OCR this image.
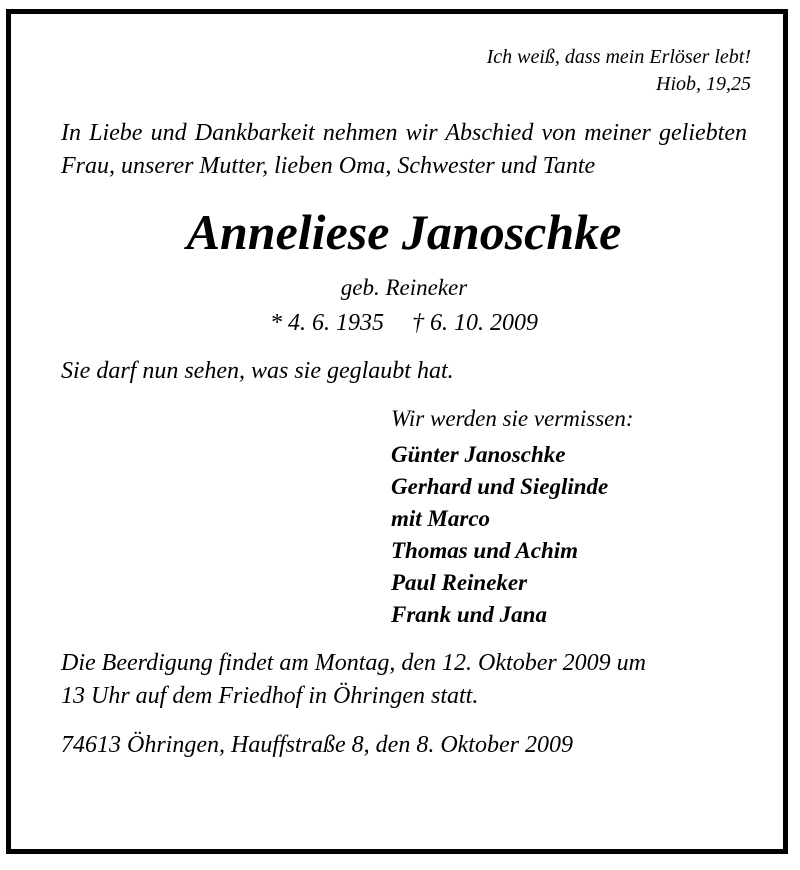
Ich weiß, dass mein Erlöser lebt!
Hiob, 19,25
In Liebe und Dankbarkeit nehmen wir Abschied von meiner geliebten Frau, unserer Mutter, lieben Oma, Schwester und Tante
Anneliese Janoschke
geb. Reineker
* 4. 6. 1935 † 6. 10. 2009
Sie darf nun sehen, was sie geglaubt hat.
Wir werden sie vermissen:
Günter Janoschke
Gerhard und Sieglinde
mit Marco
Thomas und Achim
Paul Reineker
Frank und Jana
Die Beerdigung findet am Montag, den 12. Oktober 2009 um
13 Uhr auf dem Friedhof in Öhringen statt.
74613 Öhringen, Hauffstraße 8, den 8. Oktober 2009
